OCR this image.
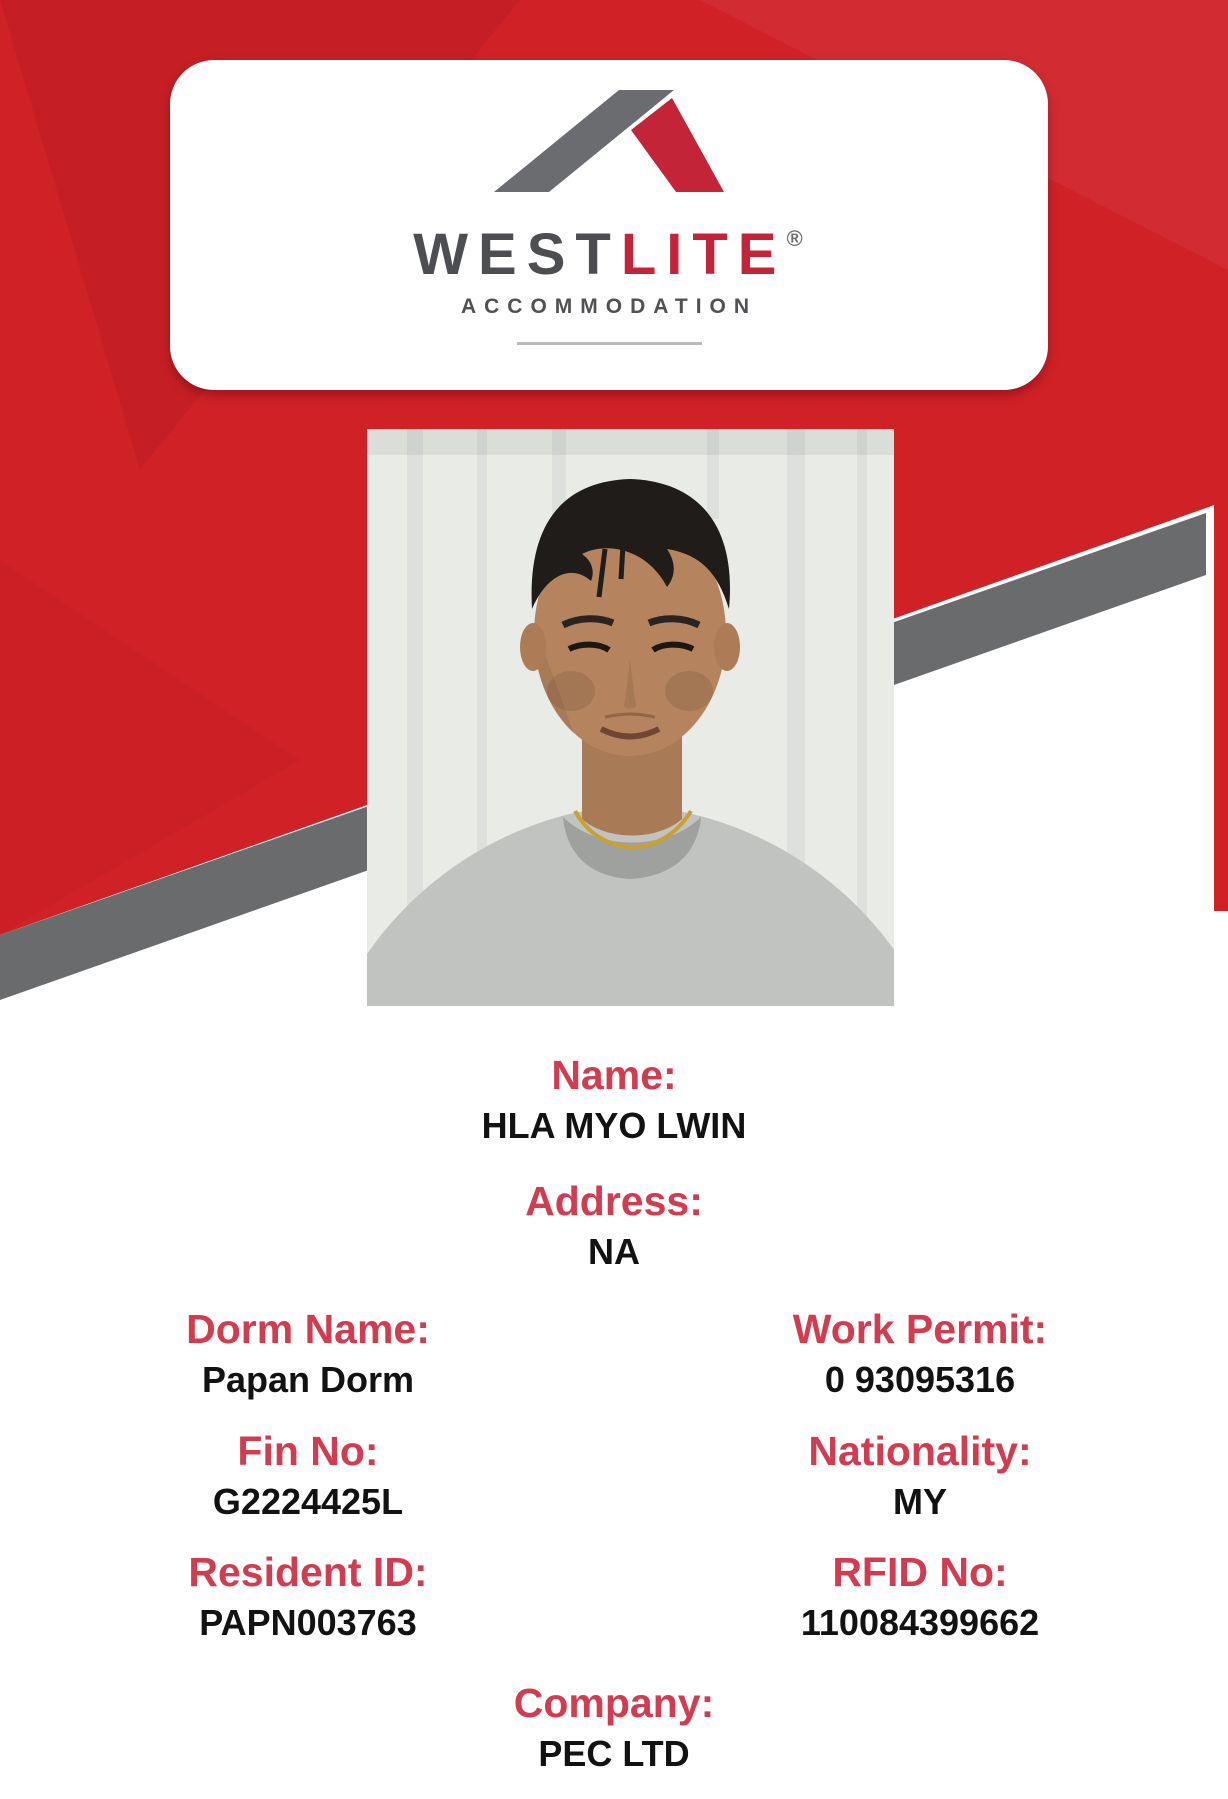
WESTLITE®
ACCOMMODATION
Name:
HLA MYO LWIN
Address:
NA
Dorm Name:
Papan Dorm
Work Permit:
0 93095316
Fin No:
G2224425L
Nationality:
MY
Resident ID:
PAPN003763
RFID No:
110084399662
Company:
PEC LTD
